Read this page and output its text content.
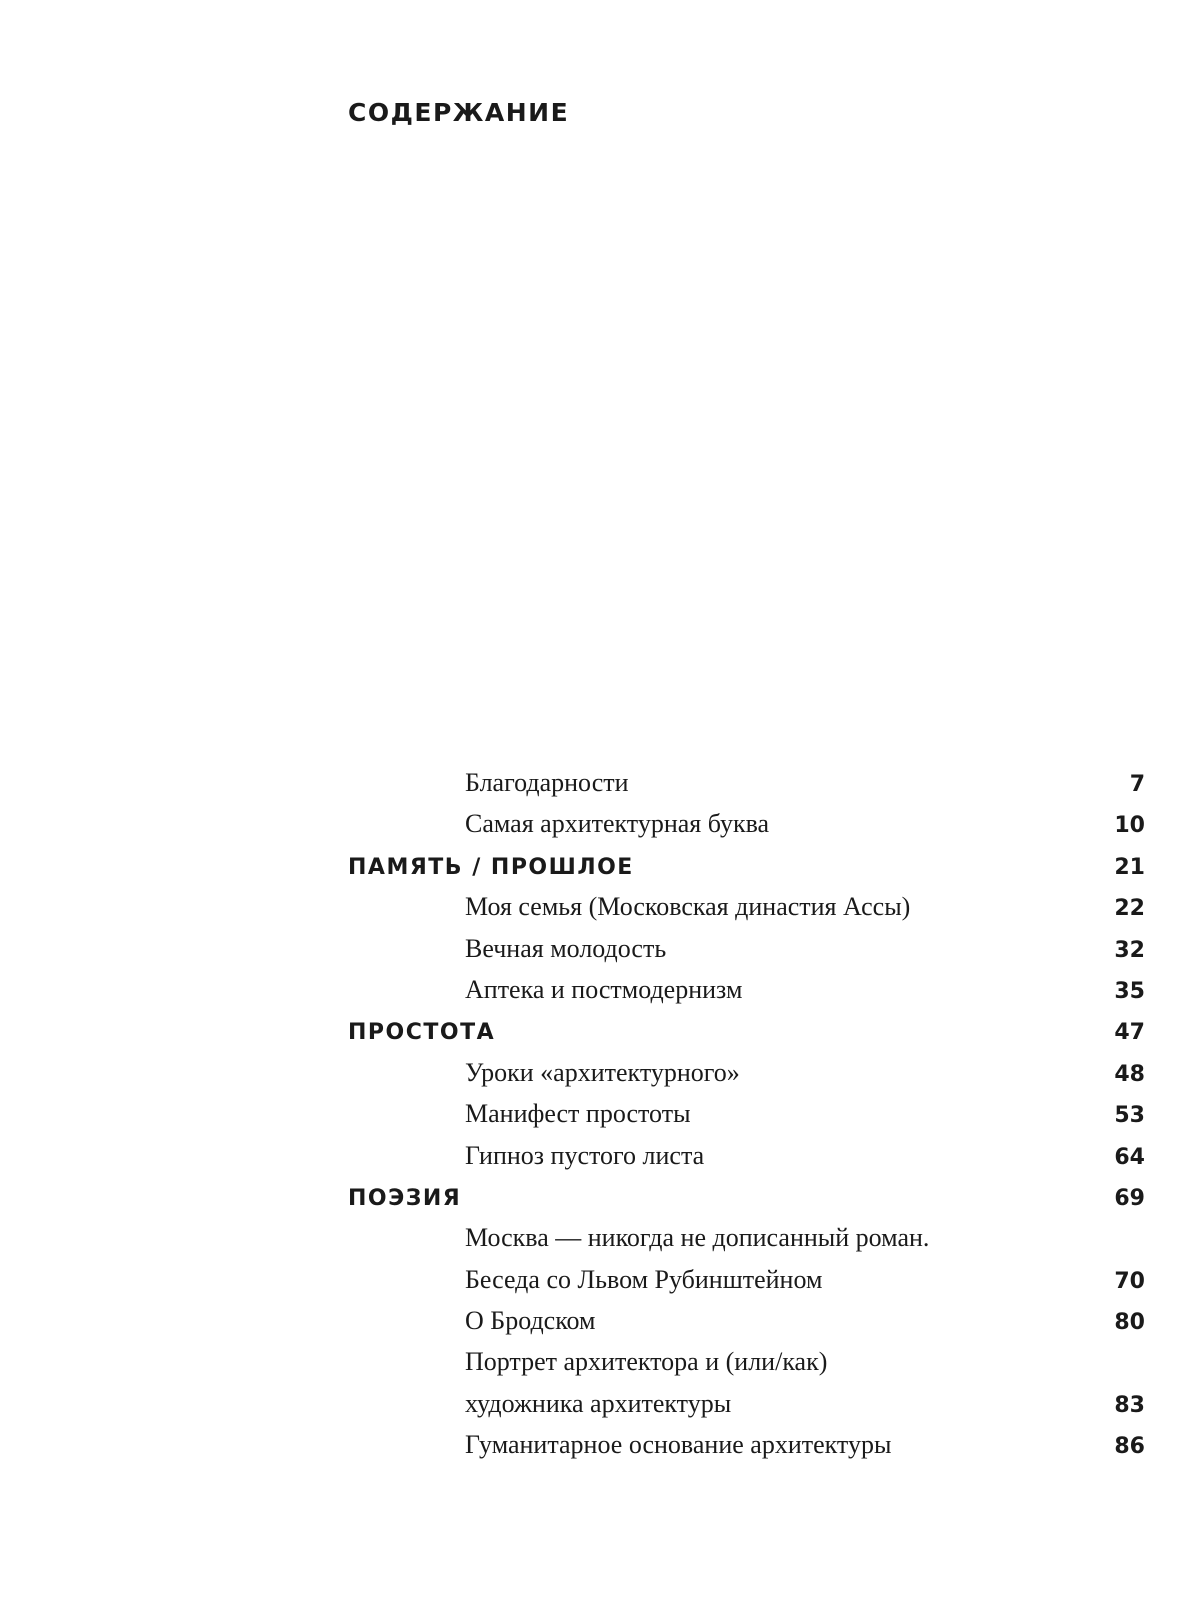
СОДЕРЖАНИЕ
Благодарности	7
Самая архитектурная буква	10
ПАМЯТЬ / ПРОШЛОЕ	21
Моя семья (Московская династия Ассы)	22
Вечная молодость	32
Аптека и постмодернизм	35
ПРОСТОТА	47
Уроки «архитектурного»	48
Манифест простоты	53
Гипноз пустого листа	64
ПОЭЗИЯ	69
Москва — никогда не дописанный роман.
Беседа со Львом Рубинштейном	70
О Бродском	80
Портрет архитектора и (или/как)
художника архитектуры	83
Гуманитарное основание архитектуры	86
